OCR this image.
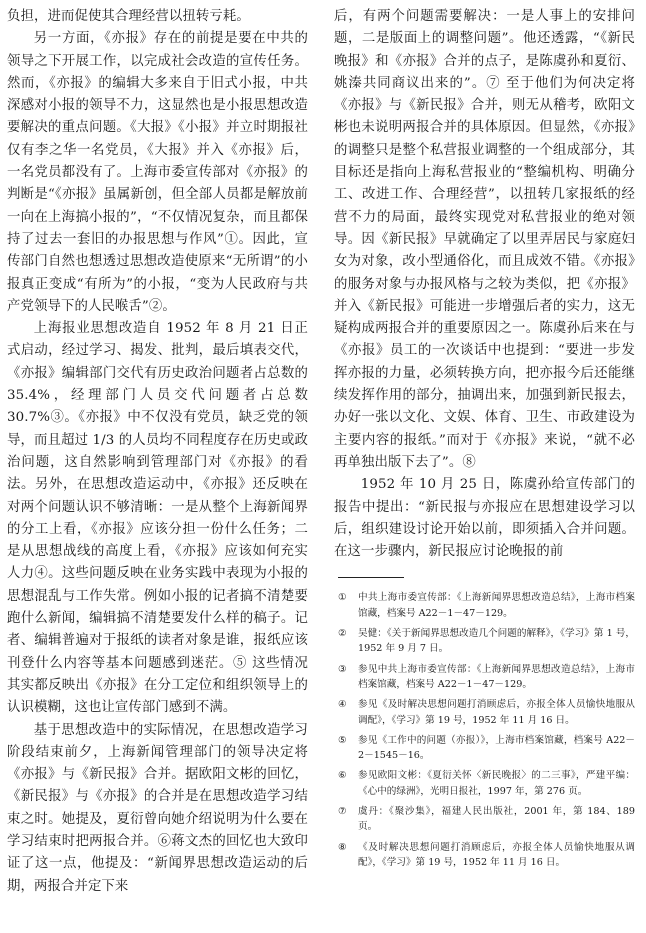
负担，进而促使其合理经营以扭转亏耗。

另一方面，《亦报》存在的前提是要在中共的领导之下开展工作，以完成社会改造的宣传任务。然而，《亦报》的编辑大多来自于旧式小报，中共深感对小报的领导不力，这显然也是小报思想改造要解决的重点问题。《大报》《小报》并立时期报社仅有李之华一名党员，《大报》并入《亦报》后，一名党员都没有了。上海市委宣传部对《亦报》的判断是“《亦报》虽属新创，但全部人员都是解放前一向在上海搞小报的”，“不仅情况复杂，而且都保持了过去一套旧的办报思想与作风”①。因此，宣传部门自然也想透过思想改造使原来“无所谓”的小报真正变成“有所为”的小报，“变为人民政府与共产党领导下的人民喉舌”②。

上海报业思想改造自 1952 年 8 月 21 日正式启动，经过学习、揭发、批判，最后填表交代，《亦报》编辑部门交代有历史政治问题者占总数的 35.4%，经理部门人员交代问题者占总数 30.7%③。《亦报》中不仅没有党员，缺乏党的领导，而且超过 1/3 的人员均不同程度存在历史或政治问题，这自然影响到管理部门对《亦报》的看法。另外，在思想改造运动中，《亦报》还反映在对两个问题认识不够清晰：一是从整个上海新闻界的分工上看，《亦报》应该分担一份什么任务；二是从思想战线的高度上看，《亦报》应该如何充实人力④。这些问题反映在业务实践中表现为小报的思想混乱与工作失常。例如小报的记者搞不清楚要跑什么新闻，编辑搞不清楚要发什么样的稿子。记者、编辑普遍对于报纸的读者对象是谁，报纸应该刊登什么内容等基本问题感到迷茫。⑤ 这些情况其实都反映出《亦报》在分工定位和组织领导上的认识模糊，这也让宣传部门感到不满。

基于思想改造中的实际情况，在思想改造学习阶段结束前夕，上海新闻管理部门的领导决定将《亦报》与《新民报》合并。据欧阳文彬的回忆，《新民报》与《亦报》的合并是在思想改造学习结束之时。她提及，夏衍曾向她介绍说明为什么要在学习结束时把两报合并。⑥蒋文杰的回忆也大致印证了这一点，他提及：“新闻界思想改造运动的后期，两报合并定下来

后，有两个问题需要解决：一是人事上的安排问题，二是版面上的调整问题”。他还透露，“《新民晚报》和《亦报》合并的点子，是陈虞孙和夏衍、姚溱共同商议出来的”。⑦ 至于他们为何决定将《亦报》与《新民报》合并，则无从稽考，欧阳文彬也未说明两报合并的具体原因。但显然，《亦报》的调整只是整个私营报业调整的一个组成部分，其目标还是指向上海私营报业的“整编机构、明确分工、改进工作、合理经营”，以扭转几家报纸的经营不力的局面，最终实现党对私营报业的绝对领导。因《新民报》早就确定了以里弄居民与家庭妇女为对象，改小型通俗化，而且成效不错。《亦报》的服务对象与办报风格与之较为类似，把《亦报》并入《新民报》可能进一步增强后者的实力，这无疑构成两报合并的重要原因之一。陈虞孙后来在与《亦报》员工的一次谈话中也提到：“要进一步发挥亦报的力量，必须转换方向，把亦报今后还能继续发挥作用的部分，抽调出来，加强到新民报去，办好一张以文化、文娱、体育、卫生、市政建设为主要内容的报纸。”而对于《亦报》来说，“就不必再单独出版下去了”。⑧

1952 年 10 月 25 日，陈虞孙给宣传部门的报告中提出：“新民报与亦报应在思想建设学习以后，组织建设讨论开始以前，即须插入合并问题。在这一步骤内，新民报应讨论晚报的前

①	中共上海市委宣传部：《上海新闻界思想改造总结》，上海市档案馆藏，档案号 A22－1－47－129。
②	吴健：《关于新闻界思想改造几个问题的解释》，《学习》第 1 号，1952 年 9 月 7 日。
③	参见中共上海市委宣传部：《上海新闻界思想改造总结》，上海市档案馆藏，档案号 A22－1－47－129。
④	参见《及时解决思想问题打消顾虑后，亦报全体人员愉快地服从调配》，《学习》第 19 号，1952 年 11 月 16 日。
⑤	参见《工作中的问题（亦报）》，上海市档案馆藏，档案号 A22－2－1545－16。
⑥	参见欧阳文彬：《夏衍关怀〈新民晚报〉的二三事》，严建平编：《心中的绿洲》，光明日报社，1997 年，第 276 页。
⑦	虞丹：《聚沙集》，福建人民出版社，2001 年，第 184、189 页。
⑧	《及时解决思想问题打消顾虑后，亦报全体人员愉快地服从调配》，《学习》第 19 号，1952 年 11 月 16 日。
